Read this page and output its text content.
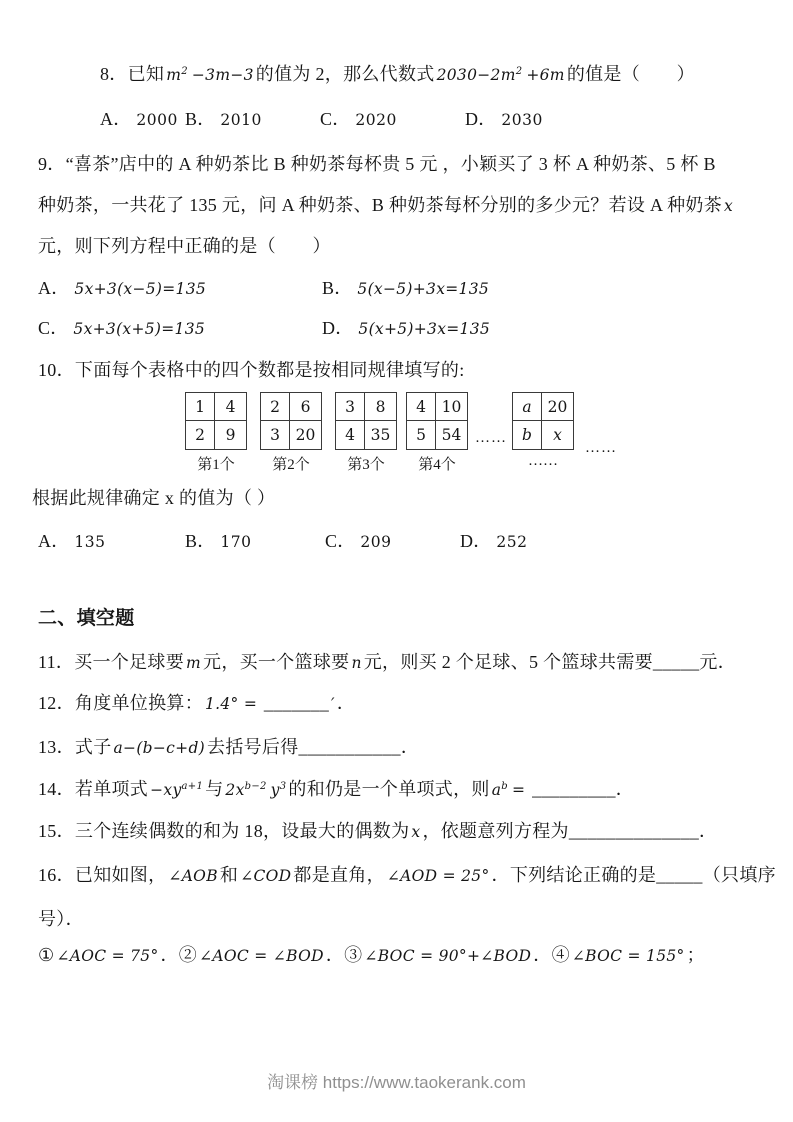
8．已知 $m^2 -3m-3$ 的值为 2，那么代数式 $2030-2m^2 +6m$ 的值是（　　）
A． 2000 B． 2010	C． 2020	D． 2030
9．“喜茶”店中的 A 种奶茶比 B 种奶茶每杯贵 5 元 ，小颖买了 3 杯 A 种奶茶、5 杯 B
种奶茶，一共花了 135 元，问 A 种奶茶、B 种奶茶每杯分别的多少元？若设 A 种奶茶 x
元，则下列方程中正确的是（　　）
A． 5x+3(x−5)=135	B． 5(x−5)+3x=135
C． 5x+3(x+5)=135	D． 5(x+5)+3x=135
10．下面每个表格中的四个数都是按相同规律填写的:
1	4
2	9
第1个
2	6
3	20
第2个
3	8
4	35
第3个
4	10
5	54
第4个
……
a	20
b	x
……
……
根据此规律确定 x 的值为（ ）
A． 135	B． 170	C． 209	D． 252
二、填空题
11．买一个足球要 m 元，买一个篮球要 n 元，则买 2 个足球、5 个篮球共需要_____元．
12．角度单位换算： 1.4° = _______ ′ ．
13．式子 a−(b−c+d) 去括号后得___________．
14．若单项式 $-xy^{a+1}$ 与 $2x^{b-2}$ $y^3$ 的和仍是一个单项式，则 $a^b$ = _________．
15．三个连续偶数的和为 18，设最大的偶数为 x ，依题意列方程为______________．
16．已知如图， ∠AOB 和 ∠COD 都是直角， ∠AOD = 25° ．下列结论正确的是_____（只填序
号）．
① ∠AOC = 75° ．② ∠AOC = ∠BOD ．③ ∠BOC = 90°+∠BOD ．④ ∠BOC = 155° ；
淘课榜 https://www.taokerank.com
